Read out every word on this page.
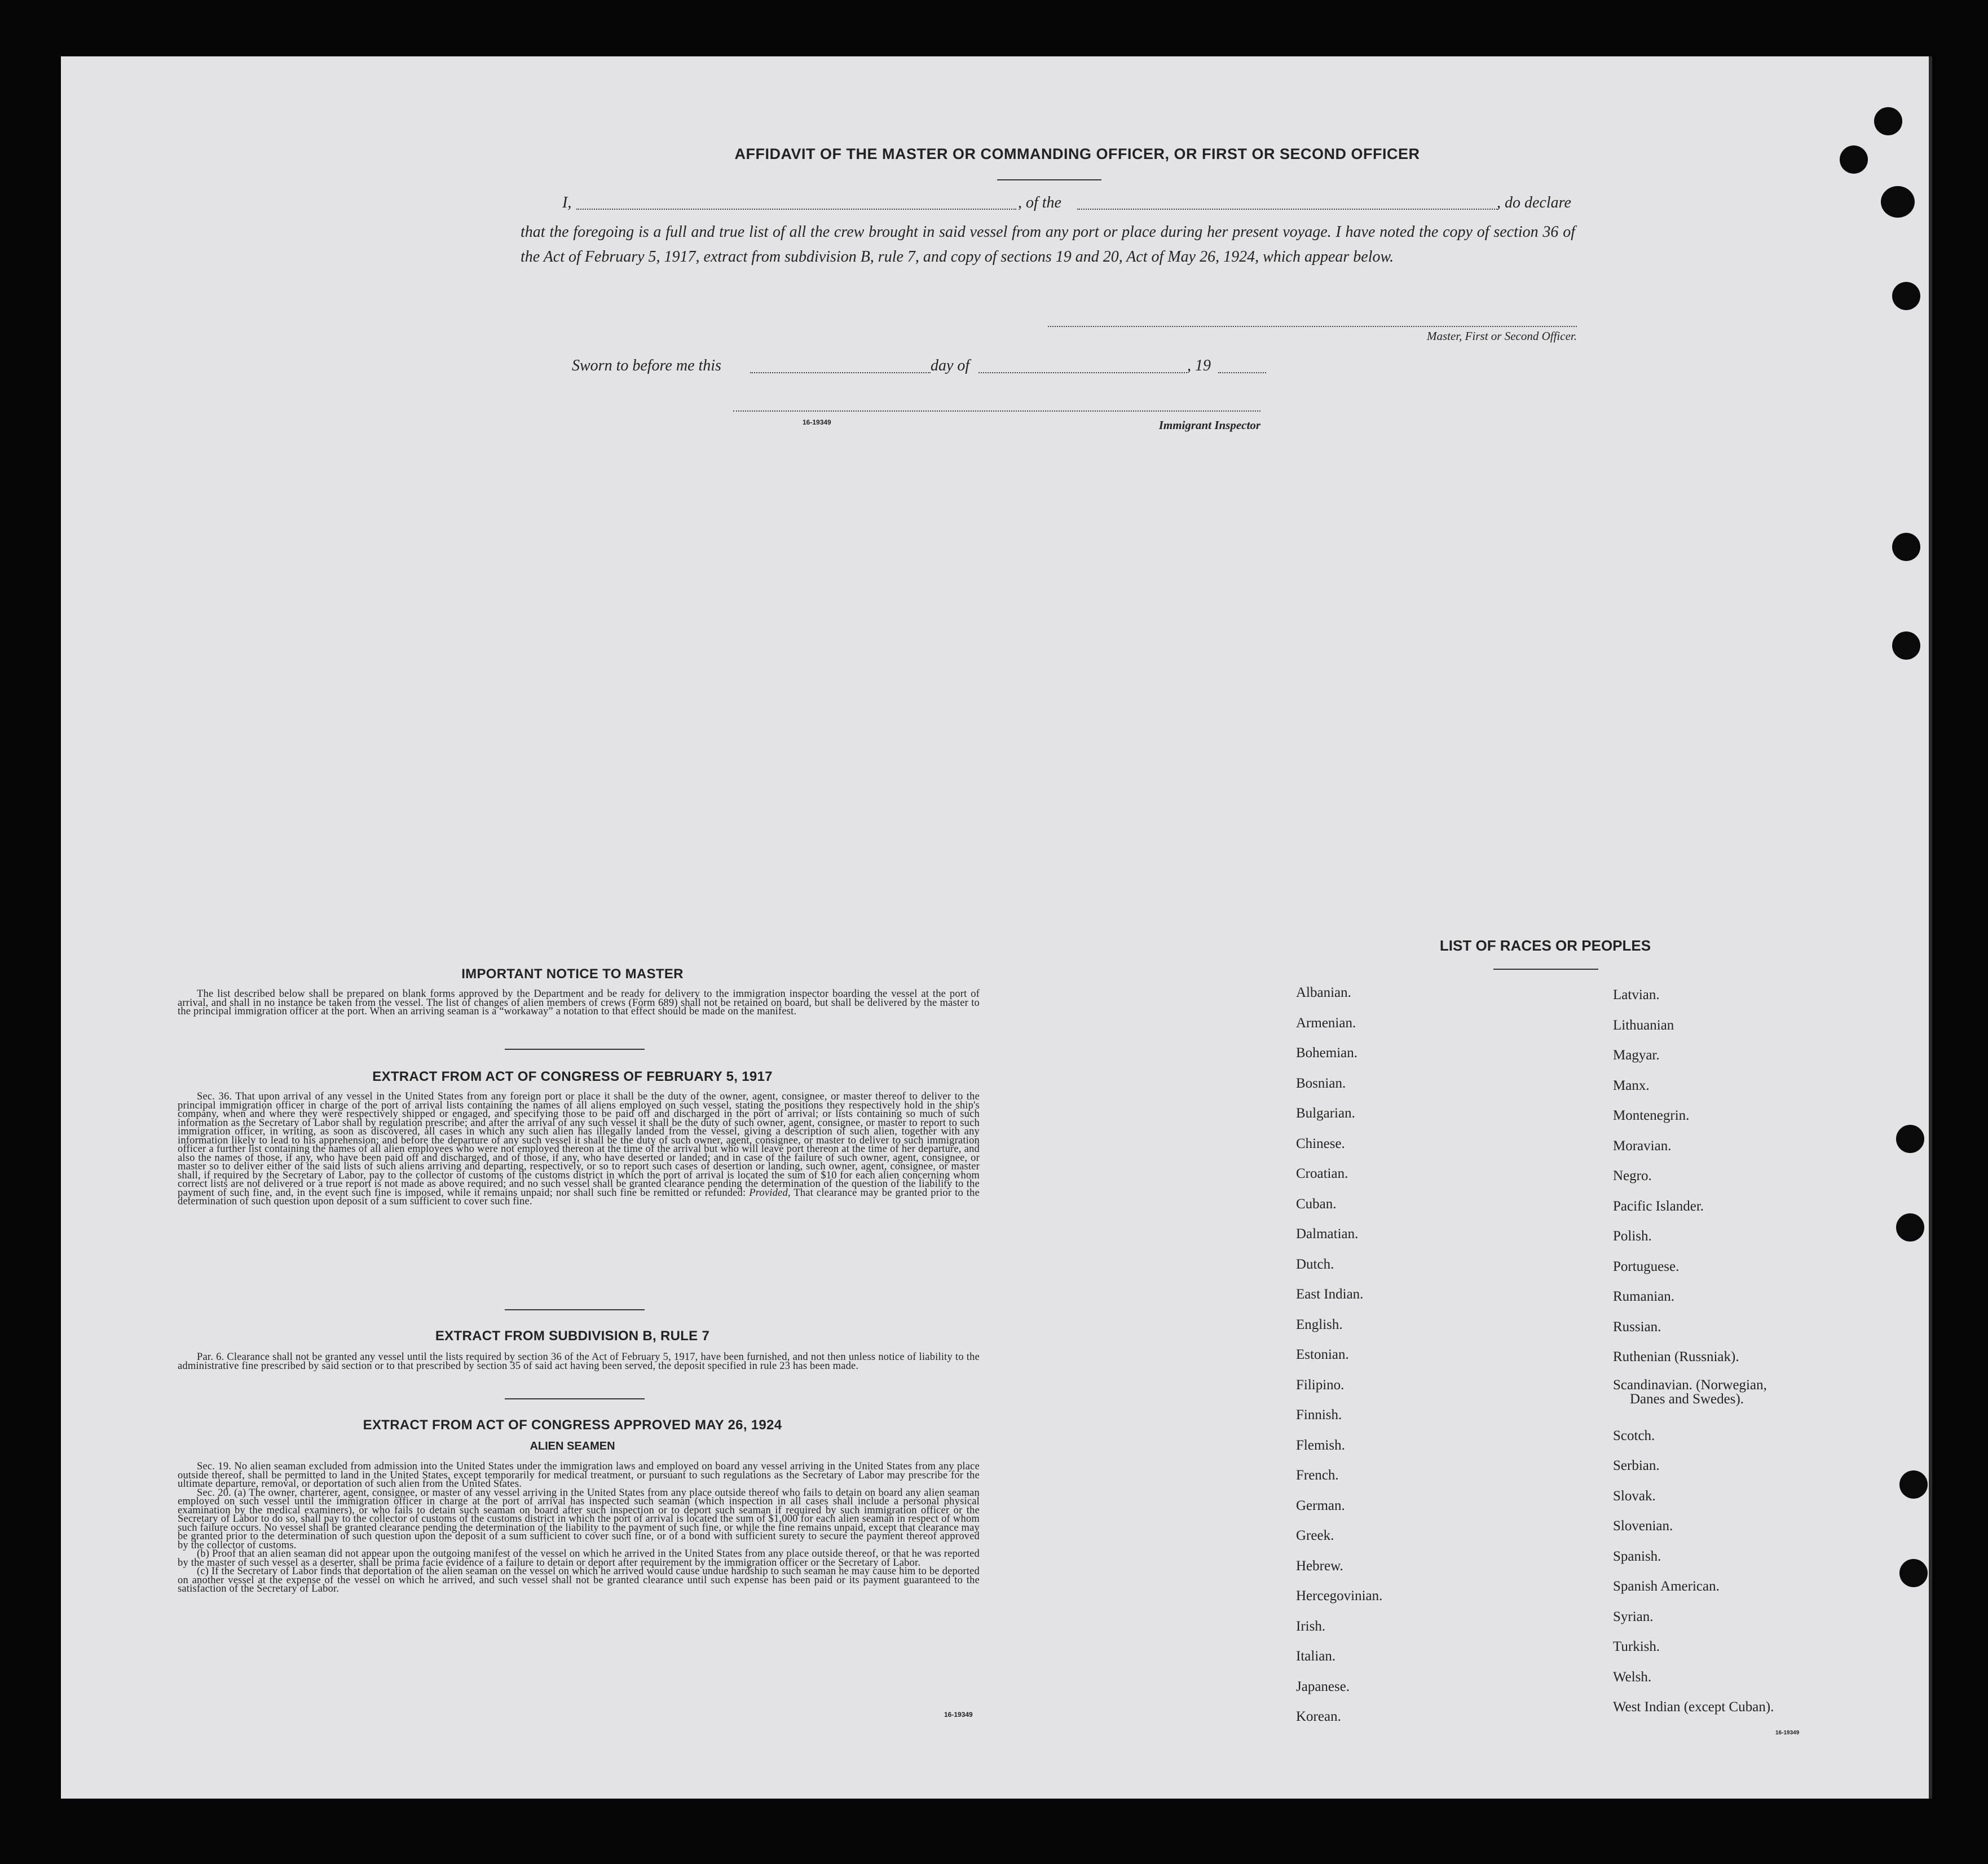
AFFIDAVIT OF THE MASTER OR COMMANDING OFFICER, OR FIRST OR SECOND OFFICER
I,	, of the	, do declare
that the foregoing is a full and true list of all the crew brought in said vessel from any port or place during her present voyage. I have noted the copy of section 36 of the Act of February 5, 1917, extract from subdivision B, rule 7, and copy of sections 19 and 20, Act of May 26, 1924, which appear below.
Master, First or Second Officer.
Sworn to before me this	day of	, 19
16-19349	Immigrant Inspector
IMPORTANT NOTICE TO MASTER

The list described below shall be prepared on blank forms approved by the Department and be ready for delivery to the immigration inspector boarding the vessel at the port of arrival, and shall in no instance be taken from the vessel. The list of changes of alien members of crews (Form 689) shall not be retained on board, but shall be delivered by the master to the principal immigration officer at the port. When an arriving seaman is a “workaway” a notation to that effect should be made on the manifest.

EXTRACT FROM ACT OF CONGRESS OF FEBRUARY 5, 1917

Sec. 36. That upon arrival of any vessel in the United States from any foreign port or place it shall be the duty of the owner, agent, consignee, or master thereof to deliver to the principal immigration officer in charge of the port of arrival lists containing the names of all aliens employed on such vessel, stating the positions they respectively hold in the ship's company, when and where they were respectively shipped or engaged, and specifying those to be paid off and discharged in the port of arrival; or lists containing so much of such information as the Secretary of Labor shall by regulation prescribe; and after the arrival of any such vessel it shall be the duty of such owner, agent, consignee, or master to report to such immigration officer, in writing, as soon as discovered, all cases in which any such alien has illegally landed from the vessel, giving a description of such alien, together with any information likely to lead to his apprehension; and before the departure of any such vessel it shall be the duty of such owner, agent, consignee, or master to deliver to such immigration officer a further list containing the names of all alien employees who were not employed thereon at the time of the arrival but who will leave port thereon at the time of her departure, and also the names of those, if any, who have been paid off and discharged, and of those, if any, who have deserted or landed; and in case of the failure of such owner, agent, consignee, or master so to deliver either of the said lists of such aliens arriving and departing, respectively, or so to report such cases of desertion or landing, such owner, agent, consignee, or master shall, if required by the Secretary of Labor, pay to the collector of customs of the customs district in which the port of arrival is located the sum of $10 for each alien concerning whom correct lists are not delivered or a true report is not made as above required; and no such vessel shall be granted clearance pending the determination of the question of the liability to the payment of such fine, and, in the event such fine is imposed, while it remains unpaid; nor shall such fine be remitted or refunded: Provided, That clearance may be granted prior to the determination of such question upon deposit of a sum sufficient to cover such fine.

EXTRACT FROM SUBDIVISION B, RULE 7

Par. 6. Clearance shall not be granted any vessel until the lists required by section 36 of the Act of February 5, 1917, have been furnished, and not then unless notice of liability to the administrative fine prescribed by said section or to that prescribed by section 35 of said act having been served, the deposit specified in rule 23 has been made.

EXTRACT FROM ACT OF CONGRESS APPROVED MAY 26, 1924
ALIEN SEAMEN

Sec. 19. No alien seaman excluded from admission into the United States under the immigration laws and employed on board any vessel arriving in the United States from any place outside thereof, shall be permitted to land in the United States, except temporarily for medical treatment, or pursuant to such regulations as the Secretary of Labor may prescribe for the ultimate departure, removal, or deportation of such alien from the United States.

Sec. 20. (a) The owner, charterer, agent, consignee, or master of any vessel arriving in the United States from any place outside thereof who fails to detain on board any alien seaman employed on such vessel until the immigration officer in charge at the port of arrival has inspected such seaman (which inspection in all cases shall include a personal physical examination by the medical examiners), or who fails to detain such seaman on board after such inspection or to deport such seaman if required by such immigration officer or the Secretary of Labor to do so, shall pay to the collector of customs of the customs district in which the port of arrival is located the sum of $1,000 for each alien seaman in respect of whom such failure occurs. No vessel shall be granted clearance pending the determination of the liability to the payment of such fine, or while the fine remains unpaid, except that clearance may be granted prior to the determination of such question upon the deposit of a sum sufficient to cover such fine, or of a bond with sufficient surety to secure the payment thereof approved by the collector of customs.

(b) Proof that an alien seaman did not appear upon the outgoing manifest of the vessel on which he arrived in the United States from any place outside thereof, or that he was reported by the master of such vessel as a deserter, shall be prima facie evidence of a failure to detain or deport after requirement by the immigration officer or the Secretary of Labor.

(c) If the Secretary of Labor finds that deportation of the alien seaman on the vessel on which he arrived would cause undue hardship to such seaman he may cause him to be deported on another vessel at the expense of the vessel on which he arrived, and such vessel shall not be granted clearance until such expense has been paid or its payment guaranteed to the satisfaction of the Secretary of Labor.

16-19349
LIST OF RACES OR PEOPLES
Albanian.
Armenian.
Bohemian.
Bosnian.
Bulgarian.
Chinese.
Croatian.
Cuban.
Dalmatian.
Dutch.
East Indian.
English.
Estonian.
Filipino.
Finnish.
Flemish.
French.
German.
Greek.
Hebrew.
Hercegovinian.
Irish.
Italian.
Japanese.
Korean.
Latvian.
Lithuanian
Magyar.
Manx.
Montenegrin.
Moravian.
Negro.
Pacific Islander.
Polish.
Portuguese.
Rumanian.
Russian.
Ruthenian (Russniak).
Scandinavian. (Norwegian,
Danes and Swedes).
Scotch.
Serbian.
Slovak.
Slovenian.
Spanish.
Spanish American.
Syrian.
Turkish.
Welsh.
West Indian (except Cuban).
16-19349
